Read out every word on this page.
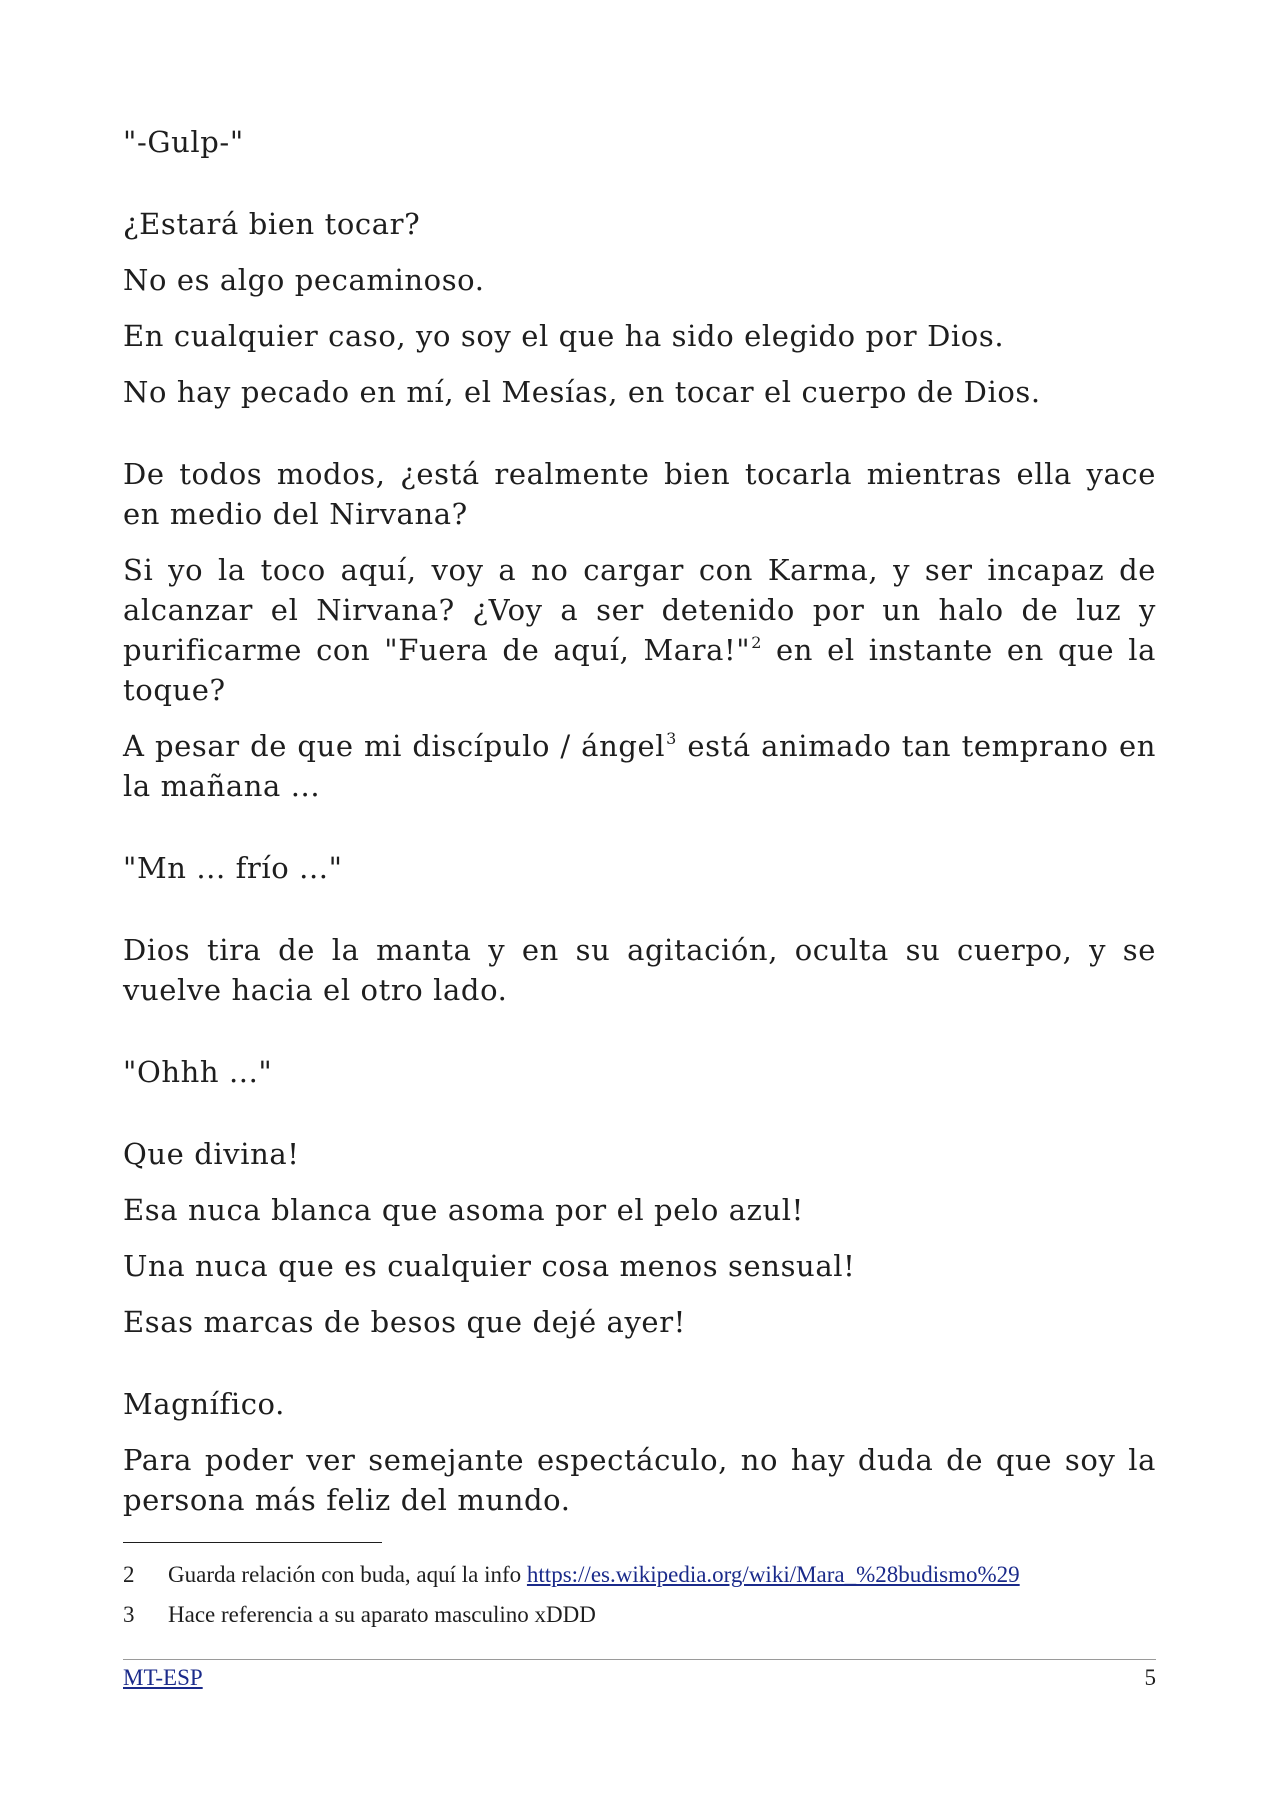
"-Gulp-"

¿Estará bien tocar?

No es algo pecaminoso.

En cualquier caso, yo soy el que ha sido elegido por Dios.

No hay pecado en mí, el Mesías, en tocar el cuerpo de Dios.

De todos modos, ¿está realmente bien tocarla mientras ella yace en medio del Nirvana?

Si yo la toco aquí, voy a no cargar con Karma, y ser incapaz de alcanzar el Nirvana? ¿Voy a ser detenido por un halo de luz y purificarme con "Fuera de aquí, Mara!"$^2$ en el instante en que la toque?

A pesar de que mi discípulo / ángel$^3$ está animado tan temprano en la mañana ...

"Mn ... frío ..."

Dios tira de la manta y en su agitación, oculta su cuerpo, y se vuelve hacia el otro lado.

"Ohhh ..."

Que divina!

Esa nuca blanca que asoma por el pelo azul!

Una nuca que es cualquier cosa menos sensual!

Esas marcas de besos que dejé ayer!

Magnífico.

Para poder ver semejante espectáculo, no hay duda de que soy la persona más feliz del mundo.

2	Guarda relación con buda, aquí la info https://es.wikipedia.org/wiki/Mara_%28budismo%29
3	Hace referencia a su aparato masculino xDDD
MT-ESP	5
